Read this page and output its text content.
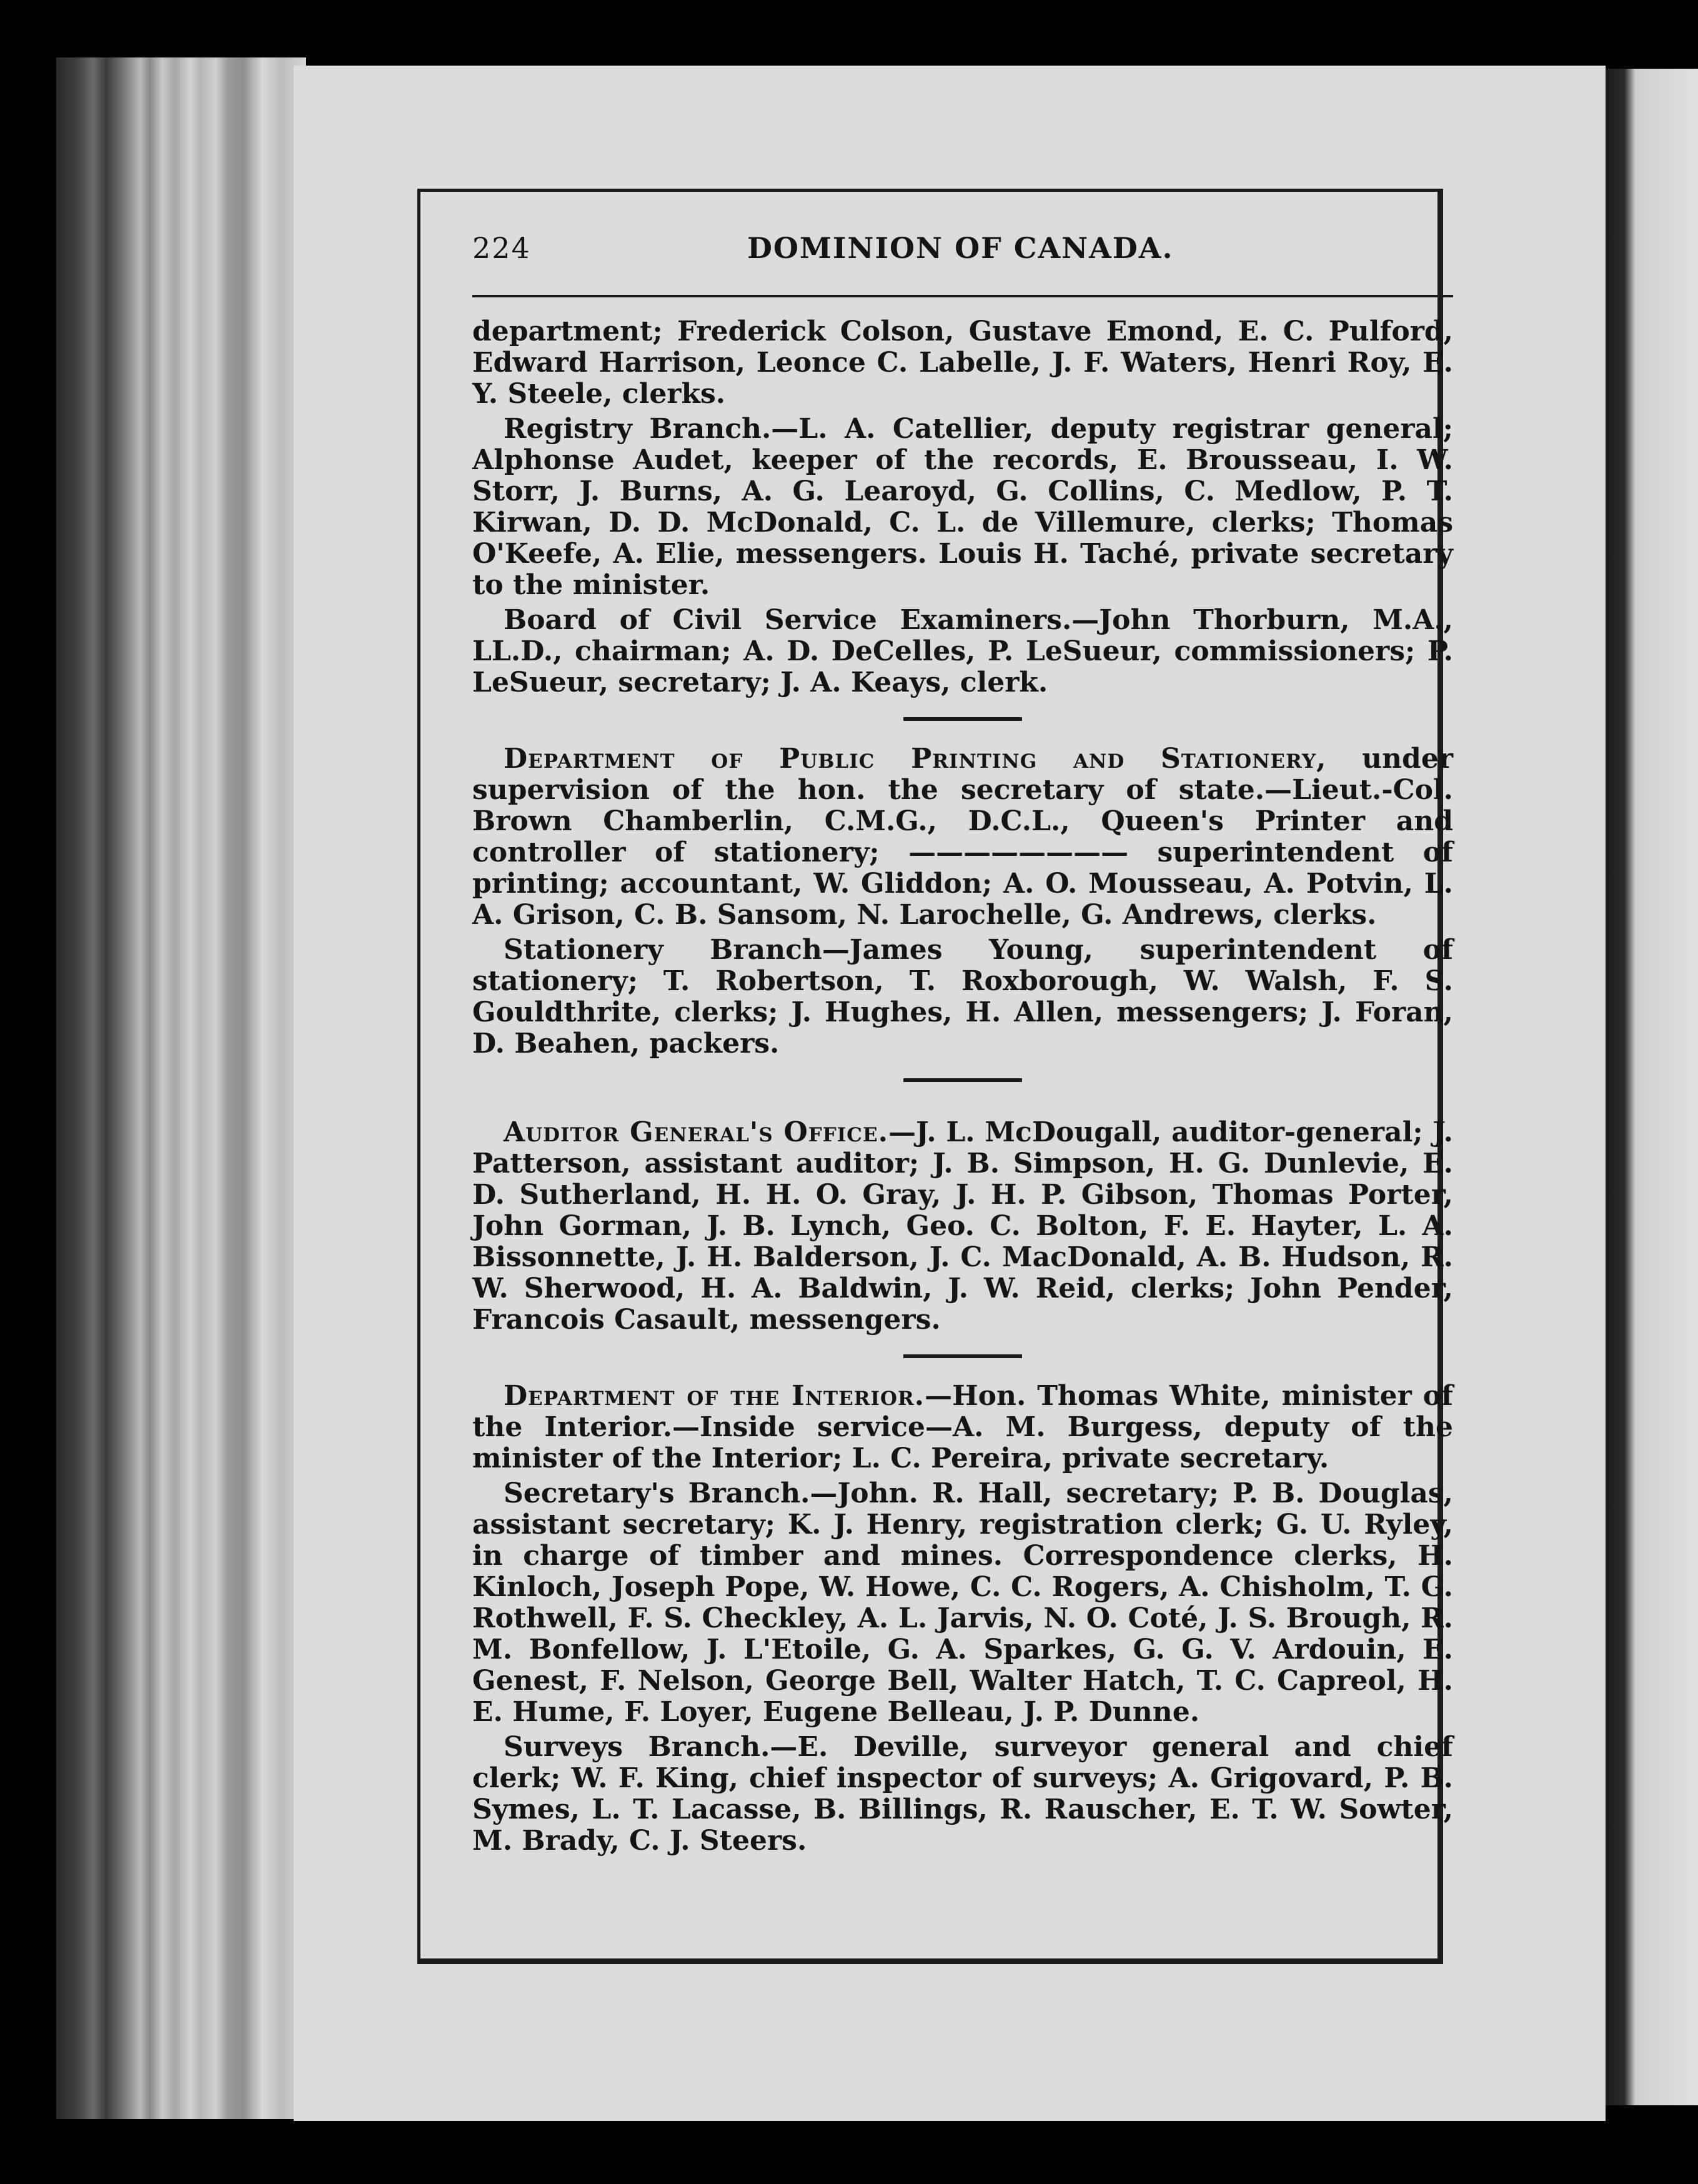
224	DOMINION OF CANADA.

department; Frederick Colson, Gustave Emond, E. C. Pulford, Edward Harrison, Leonce C. Labelle, J. F. Waters, Henri Roy, E. Y. Steele, clerks.

Registry Branch.—L. A. Catellier, deputy registrar general; Alphonse Audet, keeper of the records, E. Brousseau, I. W. Storr, J. Burns, A. G. Learoyd, G. Collins, C. Medlow, P. T. Kirwan, D. D. McDonald, C. L. de Villemure, clerks; Thomas O'Keefe, A. Elie, messengers. Louis H. Taché, private secretary to the minister.

Board of Civil Service Examiners.—John Thorburn, M.A., LL.D., chairman; A. D. DeCelles, P. LeSueur, commissioners; P. LeSueur, secretary; J. A. Keays, clerk.

Department of Public Printing and Stationery, under supervision of the hon. the secretary of state.—Lieut.-Col. Brown Chamberlin, C.M.G., D.C.L., Queen's Printer and controller of stationery; ———————— superintendent of printing; accountant, W. Gliddon; A. O. Mousseau, A. Potvin, L. A. Grison, C. B. Sansom, N. Larochelle, G. Andrews, clerks.

Stationery Branch—James Young, superintendent of stationery; T. Robertson, T. Roxborough, W. Walsh, F. S. Gouldthrite, clerks; J. Hughes, H. Allen, messengers; J. Foran, D. Beahen, packers.

Auditor General's Office.—J. L. McDougall, auditor-general; J. Patterson, assistant auditor; J. B. Simpson, H. G. Dunlevie, E. D. Sutherland, H. H. O. Gray, J. H. P. Gibson, Thomas Porter, John Gorman, J. B. Lynch, Geo. C. Bolton, F. E. Hayter, L. A. Bissonnette, J. H. Balderson, J. C. MacDonald, A. B. Hudson, R. W. Sherwood, H. A. Baldwin, J. W. Reid, clerks; John Pender, Francois Casault, messengers.

Department of the Interior.—Hon. Thomas White, minister of the Interior.—Inside service—A. M. Burgess, deputy of the minister of the Interior; L. C. Pereira, private secretary.

Secretary's Branch.—John. R. Hall, secretary; P. B. Douglas, assistant secretary; K. J. Henry, registration clerk; G. U. Ryley, in charge of timber and mines. Correspondence clerks, H. Kinloch, Joseph Pope, W. Howe, C. C. Rogers, A. Chisholm, T. G. Rothwell, F. S. Checkley, A. L. Jarvis, N. O. Coté, J. S. Brough, R. M. Bonfellow, J. L'Etoile, G. A. Sparkes, G. G. V. Ardouin, E. Genest, F. Nelson, George Bell, Walter Hatch, T. C. Capreol, H. E. Hume, F. Loyer, Eugene Belleau, J. P. Dunne.

Surveys Branch.—E. Deville, surveyor general and chief clerk; W. F. King, chief inspector of surveys; A. Grigovard, P. B. Symes, L. T. Lacasse, B. Billings, R. Rauscher, E. T. W. Sowter, M. Brady, C. J. Steers.
